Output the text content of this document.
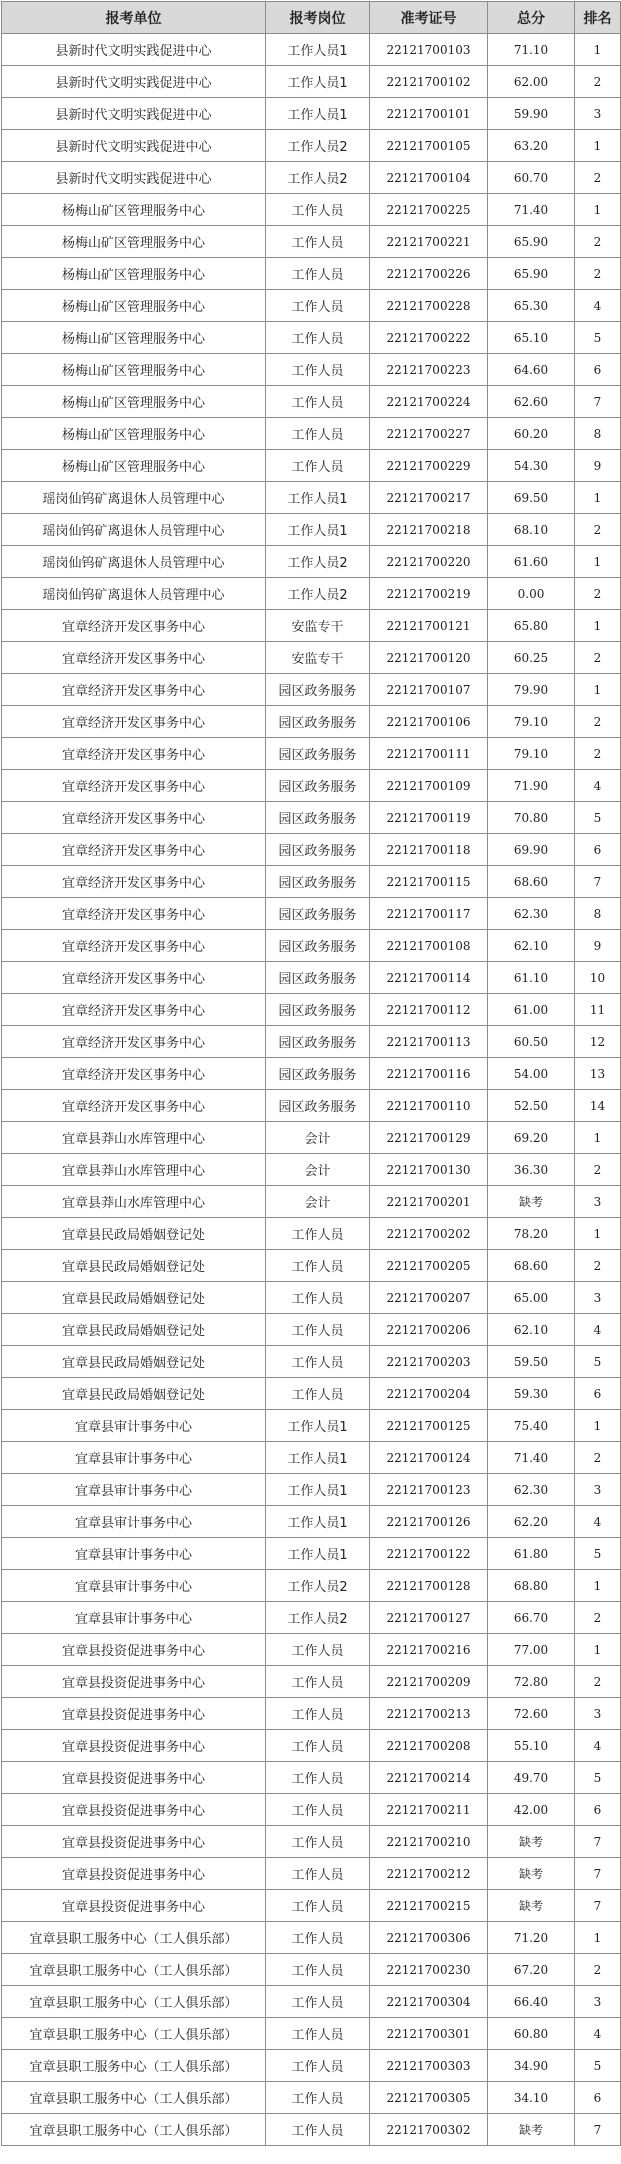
报考单位	报考岗位	准考证号	总分	排名
县新时代文明实践促进中心	工作人员1	22121700103	71.10	1
县新时代文明实践促进中心	工作人员1	22121700102	62.00	2
县新时代文明实践促进中心	工作人员1	22121700101	59.90	3
县新时代文明实践促进中心	工作人员2	22121700105	63.20	1
县新时代文明实践促进中心	工作人员2	22121700104	60.70	2
杨梅山矿区管理服务中心	工作人员	22121700225	71.40	1
杨梅山矿区管理服务中心	工作人员	22121700221	65.90	2
杨梅山矿区管理服务中心	工作人员	22121700226	65.90	2
杨梅山矿区管理服务中心	工作人员	22121700228	65.30	4
杨梅山矿区管理服务中心	工作人员	22121700222	65.10	5
杨梅山矿区管理服务中心	工作人员	22121700223	64.60	6
杨梅山矿区管理服务中心	工作人员	22121700224	62.60	7
杨梅山矿区管理服务中心	工作人员	22121700227	60.20	8
杨梅山矿区管理服务中心	工作人员	22121700229	54.30	9
瑶岗仙钨矿离退休人员管理中心	工作人员1	22121700217	69.50	1
瑶岗仙钨矿离退休人员管理中心	工作人员1	22121700218	68.10	2
瑶岗仙钨矿离退休人员管理中心	工作人员2	22121700220	61.60	1
瑶岗仙钨矿离退休人员管理中心	工作人员2	22121700219	0.00	2
宜章经济开发区事务中心	安监专干	22121700121	65.80	1
宜章经济开发区事务中心	安监专干	22121700120	60.25	2
宜章经济开发区事务中心	园区政务服务	22121700107	79.90	1
宜章经济开发区事务中心	园区政务服务	22121700106	79.10	2
宜章经济开发区事务中心	园区政务服务	22121700111	79.10	2
宜章经济开发区事务中心	园区政务服务	22121700109	71.90	4
宜章经济开发区事务中心	园区政务服务	22121700119	70.80	5
宜章经济开发区事务中心	园区政务服务	22121700118	69.90	6
宜章经济开发区事务中心	园区政务服务	22121700115	68.60	7
宜章经济开发区事务中心	园区政务服务	22121700117	62.30	8
宜章经济开发区事务中心	园区政务服务	22121700108	62.10	9
宜章经济开发区事务中心	园区政务服务	22121700114	61.10	10
宜章经济开发区事务中心	园区政务服务	22121700112	61.00	11
宜章经济开发区事务中心	园区政务服务	22121700113	60.50	12
宜章经济开发区事务中心	园区政务服务	22121700116	54.00	13
宜章经济开发区事务中心	园区政务服务	22121700110	52.50	14
宜章县莽山水库管理中心	会计	22121700129	69.20	1
宜章县莽山水库管理中心	会计	22121700130	36.30	2
宜章县莽山水库管理中心	会计	22121700201	缺考	3
宜章县民政局婚姻登记处	工作人员	22121700202	78.20	1
宜章县民政局婚姻登记处	工作人员	22121700205	68.60	2
宜章县民政局婚姻登记处	工作人员	22121700207	65.00	3
宜章县民政局婚姻登记处	工作人员	22121700206	62.10	4
宜章县民政局婚姻登记处	工作人员	22121700203	59.50	5
宜章县民政局婚姻登记处	工作人员	22121700204	59.30	6
宜章县审计事务中心	工作人员1	22121700125	75.40	1
宜章县审计事务中心	工作人员1	22121700124	71.40	2
宜章县审计事务中心	工作人员1	22121700123	62.30	3
宜章县审计事务中心	工作人员1	22121700126	62.20	4
宜章县审计事务中心	工作人员1	22121700122	61.80	5
宜章县审计事务中心	工作人员2	22121700128	68.80	1
宜章县审计事务中心	工作人员2	22121700127	66.70	2
宜章县投资促进事务中心	工作人员	22121700216	77.00	1
宜章县投资促进事务中心	工作人员	22121700209	72.80	2
宜章县投资促进事务中心	工作人员	22121700213	72.60	3
宜章县投资促进事务中心	工作人员	22121700208	55.10	4
宜章县投资促进事务中心	工作人员	22121700214	49.70	5
宜章县投资促进事务中心	工作人员	22121700211	42.00	6
宜章县投资促进事务中心	工作人员	22121700210	缺考	7
宜章县投资促进事务中心	工作人员	22121700212	缺考	7
宜章县投资促进事务中心	工作人员	22121700215	缺考	7
宜章县职工服务中心（工人俱乐部）	工作人员	22121700306	71.20	1
宜章县职工服务中心（工人俱乐部）	工作人员	22121700230	67.20	2
宜章县职工服务中心（工人俱乐部）	工作人员	22121700304	66.40	3
宜章县职工服务中心（工人俱乐部）	工作人员	22121700301	60.80	4
宜章县职工服务中心（工人俱乐部）	工作人员	22121700303	34.90	5
宜章县职工服务中心（工人俱乐部）	工作人员	22121700305	34.10	6
宜章县职工服务中心（工人俱乐部）	工作人员	22121700302	缺考	7
